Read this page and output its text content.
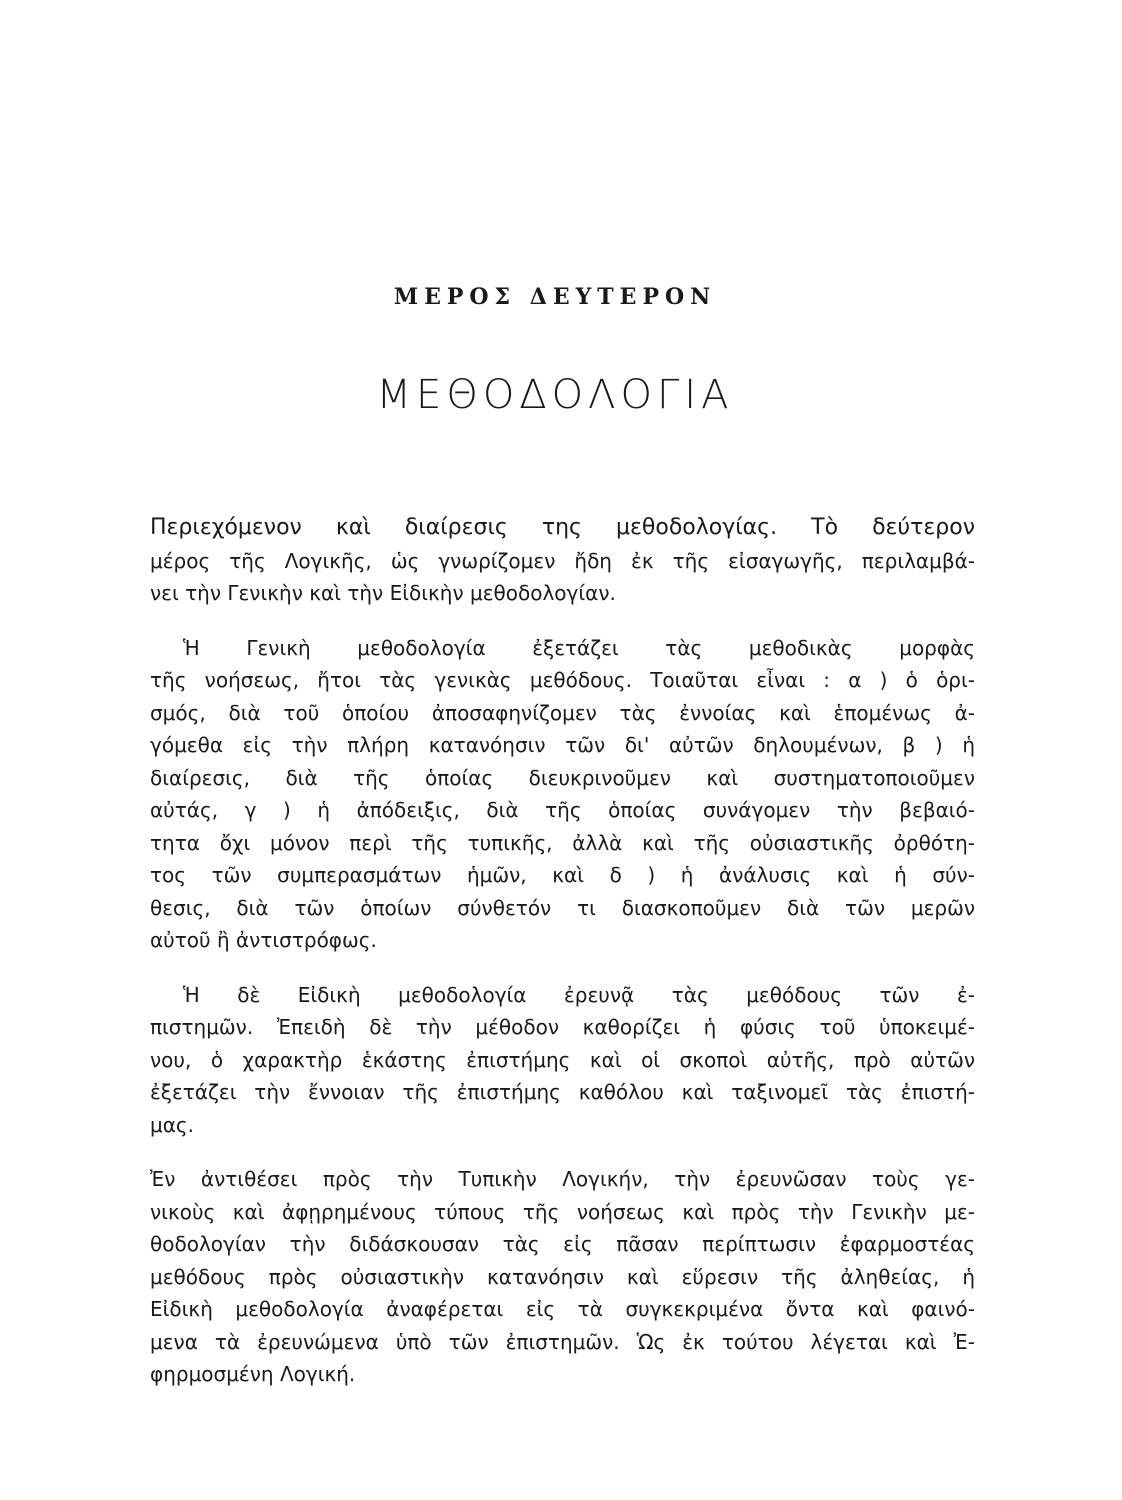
ΜΕΡΟΣ ΔΕΥΤΕΡΟΝ
ΜΕΘΟΔΟΛΟΓΙΑ
Περιεχόμενον καὶ διαίρεσις της μεθοδολογίας. Τὸ δεύτερον
μέρος τῆς Λογικῆς, ὡς γνωρίζομεν ἤδη ἐκ τῆς εἰσαγωγῆς, περιλαμβά-
νει τὴν Γενικὴν καὶ τὴν Εἰδικὴν μεθοδολογίαν.
Ἡ Γενικὴ μεθοδολογία ἐξετάζει τὰς μεθοδικὰς μορφὰς
τῆς νοήσεως, ἤτοι τὰς γενικὰς μεθόδους. Τοιαῦται εἶναι : α ) ὁ ὁρι-
σμός, διὰ τοῦ ὁποίου ἀποσαφηνίζομεν τὰς ἐννοίας καὶ ἑπομένως ἀ-
γόμεθα εἰς τὴν πλήρη κατανόησιν τῶν δι' αὐτῶν δηλουμένων, β ) ἡ
διαίρεσις, διὰ τῆς ὁποίας διευκρινοῦμεν καὶ συστηματοποιοῦμεν
αὐτάς, γ ) ἡ ἀπόδειξις, διὰ τῆς ὁποίας συνάγομεν τὴν βεβαιό-
τητα ὄχι μόνον περὶ τῆς τυπικῆς, ἀλλὰ καὶ τῆς οὐσιαστικῆς ὀρθότη-
τος τῶν συμπερασμάτων ἡμῶν, καὶ δ ) ἡ ἀνάλυσις καὶ ἡ σύν-
θεσις, διὰ τῶν ὁποίων σύνθετόν τι διασκοποῦμεν διὰ τῶν μερῶν
αὐτοῦ ἢ ἀντιστρόφως.
Ἡ δὲ Εἰδικὴ μεθοδολογία ἐρευνᾷ τὰς μεθόδους τῶν ἐ-
πιστημῶν. Ἐπειδὴ δὲ τὴν μέθοδον καθορίζει ἡ φύσις τοῦ ὑποκειμέ-
νου, ὁ χαρακτὴρ ἑκάστης ἐπιστήμης καὶ οἱ σκοποὶ αὐτῆς, πρὸ αὐτῶν
ἐξετάζει τὴν ἔννοιαν τῆς ἐπιστήμης καθόλου καὶ ταξινομεῖ τὰς ἐπιστή-
μας.
Ἐν ἀντιθέσει πρὸς τὴν Τυπικὴν Λογικήν, τὴν ἐρευνῶσαν τοὺς γε-
νικοὺς καὶ ἀφῃρημένους τύπους τῆς νοήσεως καὶ πρὸς τὴν Γενικὴν με-
θοδολογίαν τὴν διδάσκουσαν τὰς εἰς πᾶσαν περίπτωσιν ἐφαρμοστέας
μεθόδους πρὸς οὐσιαστικὴν κατανόησιν καὶ εὕρεσιν τῆς ἀληθείας, ἡ
Εἰδικὴ μεθοδολογία ἀναφέρεται εἰς τὰ συγκεκριμένα ὄντα καὶ φαινό-
μενα τὰ ἐρευνώμενα ὑπὸ τῶν ἐπιστημῶν. Ὡς ἐκ τούτου λέγεται καὶ Ἐ-
φηρμοσμένη Λογική.
